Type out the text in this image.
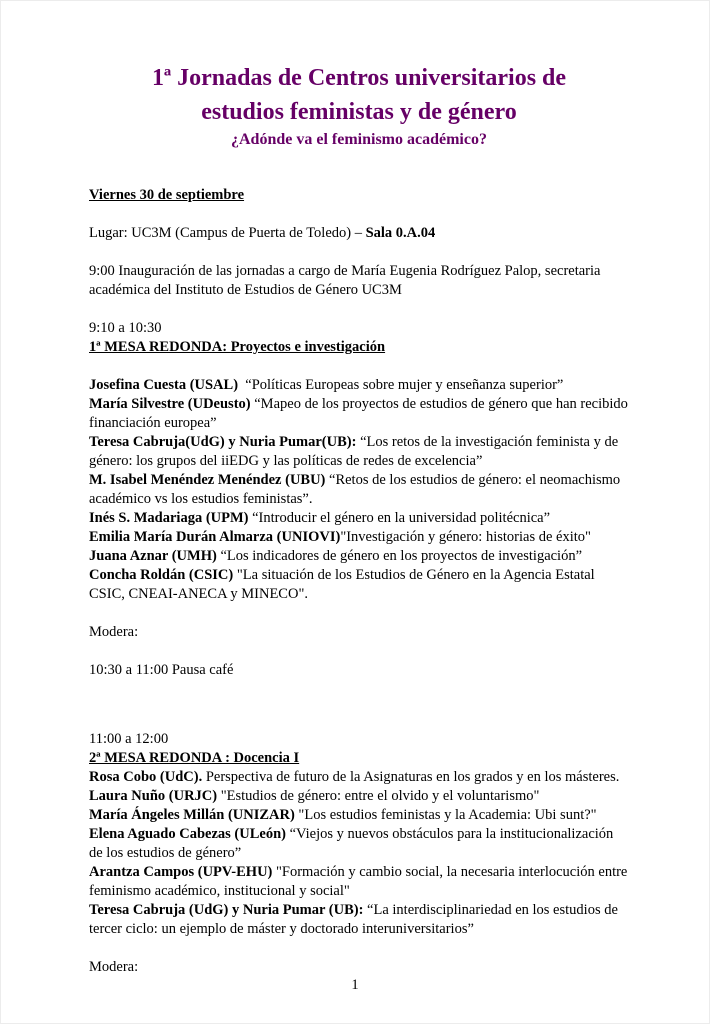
1ª Jornadas de Centros universitarios de
estudios feministas y de género
¿Adónde va el feminismo académico?

Viernes 30 de septiembre

Lugar: UC3M (Campus de Puerta de Toledo) – Sala 0.A.04

9:00 Inauguración de las jornadas a cargo de María Eugenia Rodríguez Palop, secretaria académica del Instituto de Estudios de Género UC3M

9:10 a 10:30

1ª MESA REDONDA: Proyectos e investigación

Josefina Cuesta (USAL)  “Políticas Europeas sobre mujer y enseñanza superior”

María Silvestre (UDeusto) “Mapeo de los proyectos de estudios de género que han recibido financiación europea”

Teresa Cabruja(UdG) y Nuria Pumar(UB): “Los retos de la investigación feminista y de género: los grupos del iiEDG y las políticas de redes de excelencia”

M. Isabel Menéndez Menéndez (UBU) “Retos de los estudios de género: el neomachismo académico vs los estudios feministas”.

Inés S. Madariaga (UPM) “Introducir el género en la universidad politécnica”

Emilia María Durán Almarza (UNIOVI)"Investigación y género: historias de éxito"

Juana Aznar (UMH) “Los indicadores de género en los proyectos de investigación”

Concha Roldán (CSIC) "La situación de los Estudios de Género en la Agencia Estatal CSIC, CNEAI-ANECA y MINECO".

Modera:

10:30 a 11:00 Pausa café

11:00 a 12:00

2ª MESA REDONDA : Docencia I

Rosa Cobo (UdC). Perspectiva de futuro de la Asignaturas en los grados y en los másteres.

Laura Nuño (URJC) "Estudios de género: entre el olvido y el voluntarismo"

María Ángeles Millán (UNIZAR) "Los estudios feministas y la Academia: Ubi sunt?"

Elena Aguado Cabezas (ULeón) “Viejos y nuevos obstáculos para la institucionalización de los estudios de género”

Arantza Campos (UPV-EHU) "Formación y cambio social, la necesaria interlocución entre feminismo académico, institucional y social"

Teresa Cabruja (UdG) y Nuria Pumar (UB): “La interdisciplinariedad en los estudios de tercer ciclo: un ejemplo de máster y doctorado interuniversitarios”

Modera:

1
